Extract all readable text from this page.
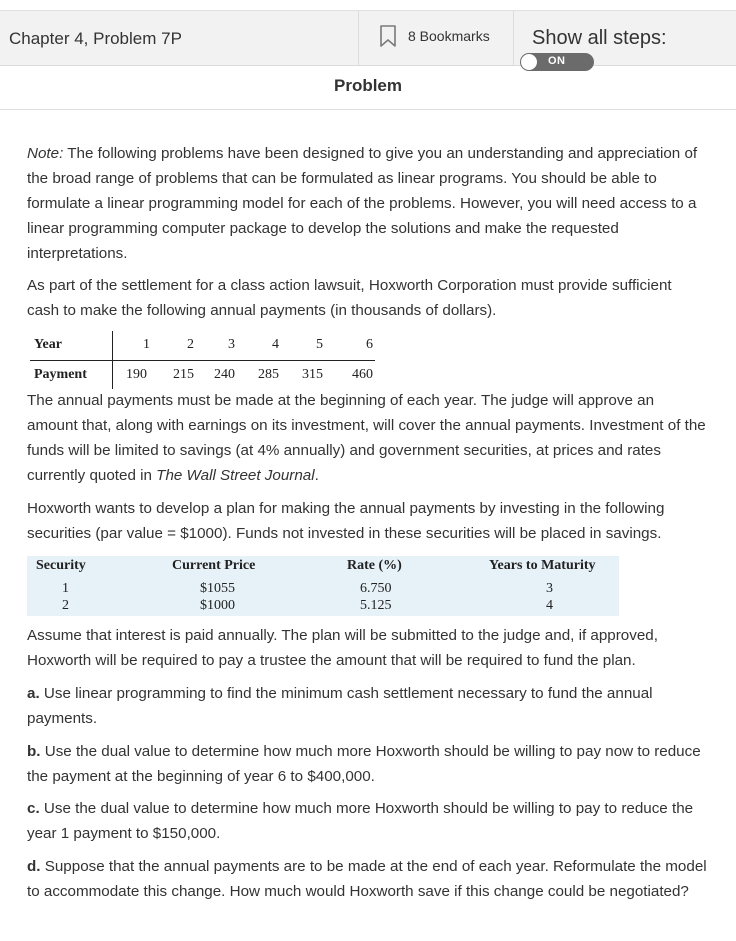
Chapter 4, Problem 7P	8 Bookmarks Show all steps:
ON
Problem
Note: The following problems have been designed to give you an understanding and appreciation of the broad range of problems that can be formulated as linear programs. You should be able to formulate a linear programming model for each of the problems. However, you will need access to a linear programming computer package to develop the solutions and make the requested interpretations.
As part of the settlement for a class action lawsuit, Hoxworth Corporation must provide sufficient cash to make the following annual payments (in thousands of dollars).
Year		1	2	3	4	5	6
Payment		190	215	240	285	315	460
The annual payments must be made at the beginning of each year. The judge will approve an amount that, along with earnings on its investment, will cover the annual payments. Investment of the funds will be limited to savings (at 4% annually) and government securities, at prices and rates currently quoted in The Wall Street Journal.
Hoxworth wants to develop a plan for making the annual payments by investing in the following securities (par value = $1000). Funds not invested in these securities will be placed in savings.
Security	Current Price	Rate (%)	Years to Maturity
1	$1055	6.750	3
2	$1000	5.125	4
Assume that interest is paid annually. The plan will be submitted to the judge and, if approved, Hoxworth will be required to pay a trustee the amount that will be required to fund the plan.
a. Use linear programming to find the minimum cash settlement necessary to fund the annual payments.
b. Use the dual value to determine how much more Hoxworth should be willing to pay now to reduce the payment at the beginning of year 6 to $400,000.
c. Use the dual value to determine how much more Hoxworth should be willing to pay to reduce the year 1 payment to $150,000.
d. Suppose that the annual payments are to be made at the end of each year. Reformulate the model to accommodate this change. How much would Hoxworth save if this change could be negotiated?
